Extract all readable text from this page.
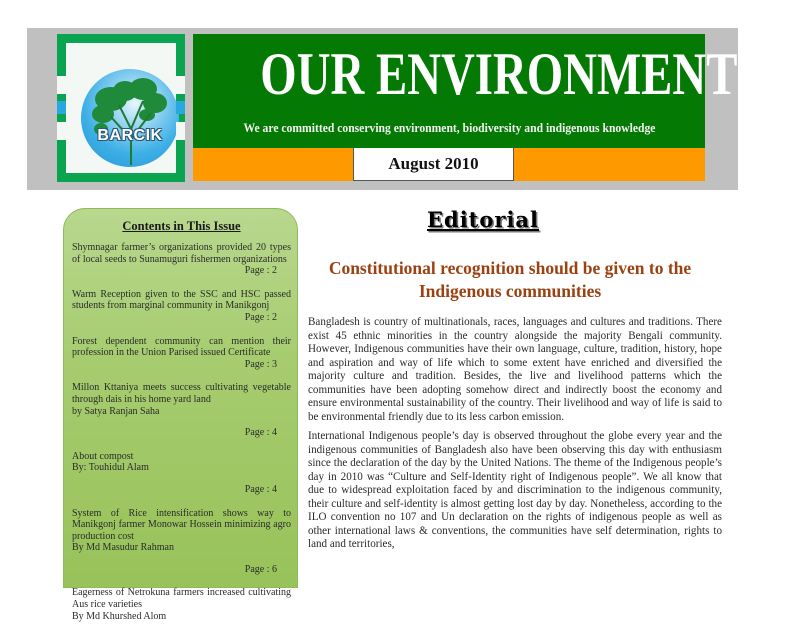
BARCIK
OUR ENVIRONMENT
We are committed conserving environment, biodiversity and indigenous knowledge
August 2010
Contents in This Issue
Shymnagar farmer’s organizations provided 20 types of local seeds to Sunamuguri fishermen organizations
Page : 2
Warm Reception given to the SSC and HSC passed students from marginal community in Manikgonj
Page : 2
Forest dependent community can mention their profession in the Union Parised issued Certificate
Page : 3
Millon Kttaniya meets success cultivating vegetable through dais in his home yard land
by Satya Ranjan Saha
Page : 4
About compost
By: Touhidul Alam
Page : 4
System of Rice intensification shows way to Manikgonj farmer Monowar Hossein minimizing agro production cost
By Md Masudur Rahman
Page : 6
Eagerness of Netrokuna farmers increased cultivating Aus rice varieties
By Md Khurshed Alom
Editorial
Constitutional recognition should be given to the Indigenous communities

Bangladesh is country of multinationals, races, languages and cultures and traditions. There exist 45 ethnic minorities in the country alongside the majority Bengali community. However, Indigenous communities have their own language, culture, tradition, history, hope and aspiration and way of life which to some extent have enriched and diversified the majority culture and tradition. Besides, the live and livelihood patterns which the communities have been adopting somehow direct and indirectly boost the economy and ensure environmental sustainability of the country. Their livelihood and way of life is said to be environmental friendly due to its less carbon emission.

International Indigenous people’s day is observed throughout the globe every year and the indigenous communities of Bangladesh also have been observing this day with enthusiasm since the declaration of the day by the United Nations. The theme of the Indigenous people’s day in 2010 was “Culture and Self-Identity right of Indigenous people”. We all know that due to widespread exploitation faced by and discrimination to the indigenous community, their culture and self-identity is almost getting lost day by day. Nonetheless, according to the ILO convention no 107 and Un declaration on the rights of indigenous people as well as other international laws & conventions, the communities have self determination, rights to land and territories,
